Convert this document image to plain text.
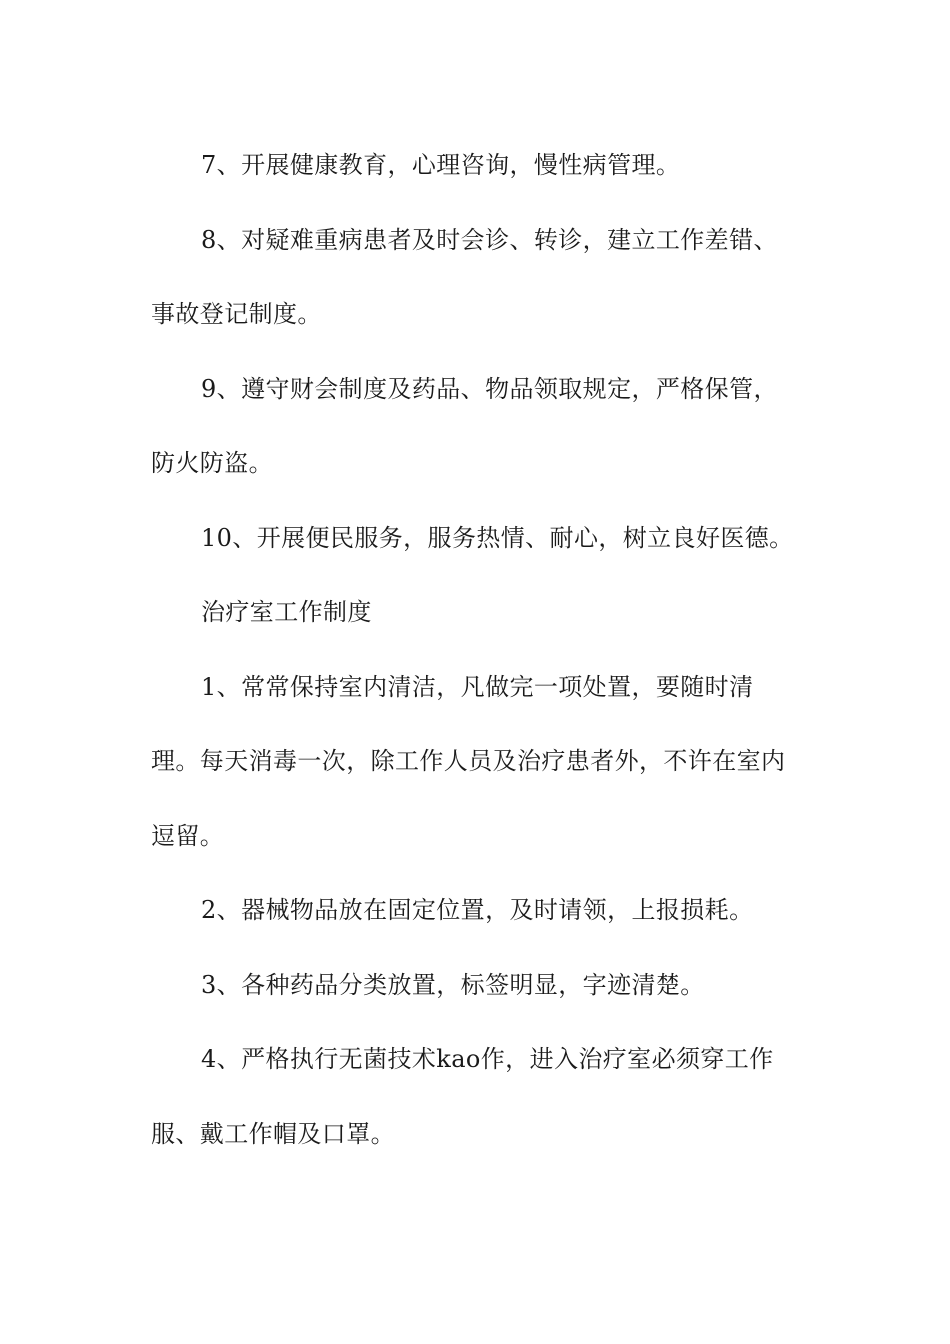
7、开展健康教育，心理咨询，慢性病管理。

8、对疑难重病患者及时会诊、转诊，建立工作差错、事故登记制度。

9、遵守财会制度及药品、物品领取规定，严格保管，防火防盗。

10、开展便民服务，服务热情、耐心，树立良好医德。

治疗室工作制度

1、常常保持室内清洁，凡做完一项处置，要随时清理。每天消毒一次，除工作人员及治疗患者外，不许在室内逗留。

2、器械物品放在固定位置，及时请领，上报损耗。

3、各种药品分类放置，标签明显，字迹清楚。

4、严格执行无菌技术kao作，进入治疗室必须穿工作服、戴工作帽及口罩。
